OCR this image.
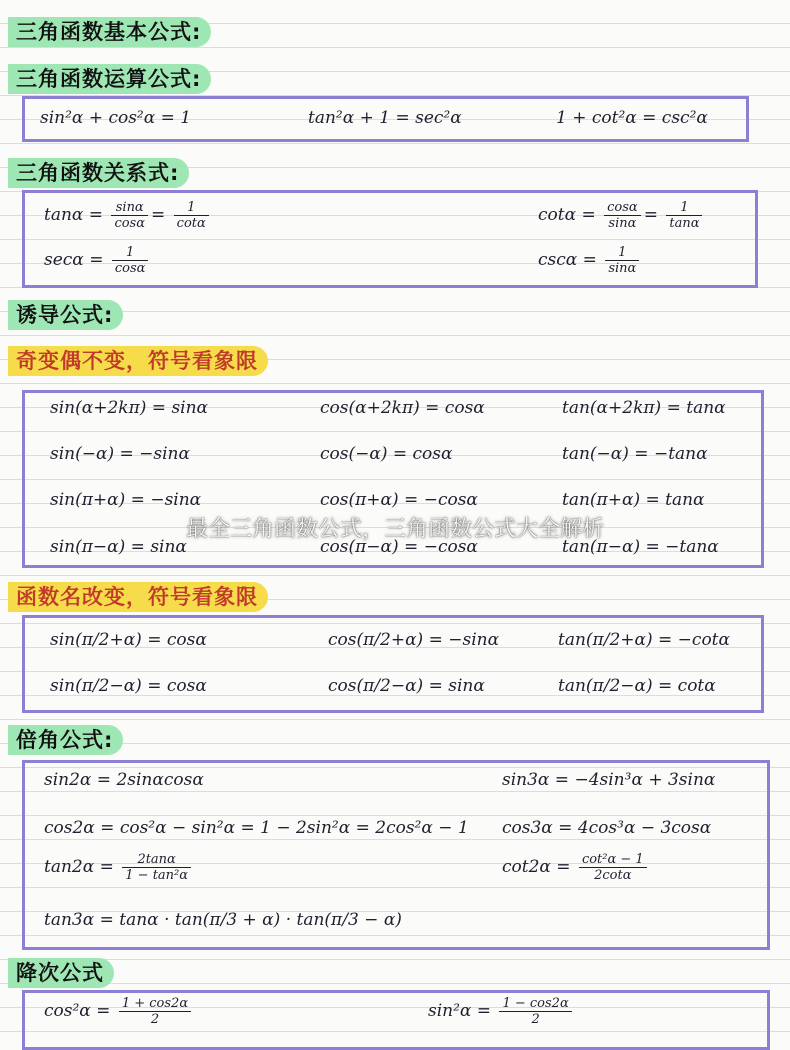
三角函数基本公式:
三角函数运算公式:
sin²α + cos²α = 1	tan²α + 1 = sec²α	1 + cot²α = csc²α
三角函数关系式:
$\tan\alpha = \frac{\sin\alpha}{\cos\alpha} = \frac{1}{\cot\alpha}$	$\cot\alpha = \frac{\cos\alpha}{\sin\alpha} = \frac{1}{\tan\alpha}$
$\sec\alpha = \frac{1}{\cos\alpha}$	$\csc\alpha = \frac{1}{\sin\alpha}$
诱导公式:
奇变偶不变，符号看象限
sin(α+2kπ) = sinα	cos(α+2kπ) = cosα	tan(α+2kπ) = tanα
sin(−α) = −sinα	cos(−α) = cosα	tan(−α) = −tanα
sin(π+α) = −sinα	cos(π+α) = −cosα	tan(π+α) = tanα
sin(π−α) = sinα	cos(π−α) = −cosα	tan(π−α) = −tanα
最全三角函数公式，三角函数公式大全解析
函数名改变，符号看象限
sin(π/2+α) = cosα	cos(π/2+α) = −sinα	tan(π/2+α) = −cotα
sin(π/2−α) = cosα	cos(π/2−α) = sinα	tan(π/2−α) = cotα
倍角公式:
sin2α = 2sinαcosα	sin3α = −4sin³α + 3sinα
cos2α = cos²α − sin²α = 1 − 2sin²α = 2cos²α − 1 cos3α = 4cos³α − 3cosα
$\tan 2\alpha = \frac{2\tan\alpha}{\text{1 − tan²α}}$	$\cot 2\alpha = \frac{\text{cot²α − 1}}{2\cot\alpha}$
tan3α = tanα · tan(π/3 + α) · tan(π/3 − α)
降次公式
$\cos^2\alpha = \frac{1 + \cos 2\alpha}{2}$	$\sin^2\alpha = \frac{1 - \cos 2\alpha}{2}$
